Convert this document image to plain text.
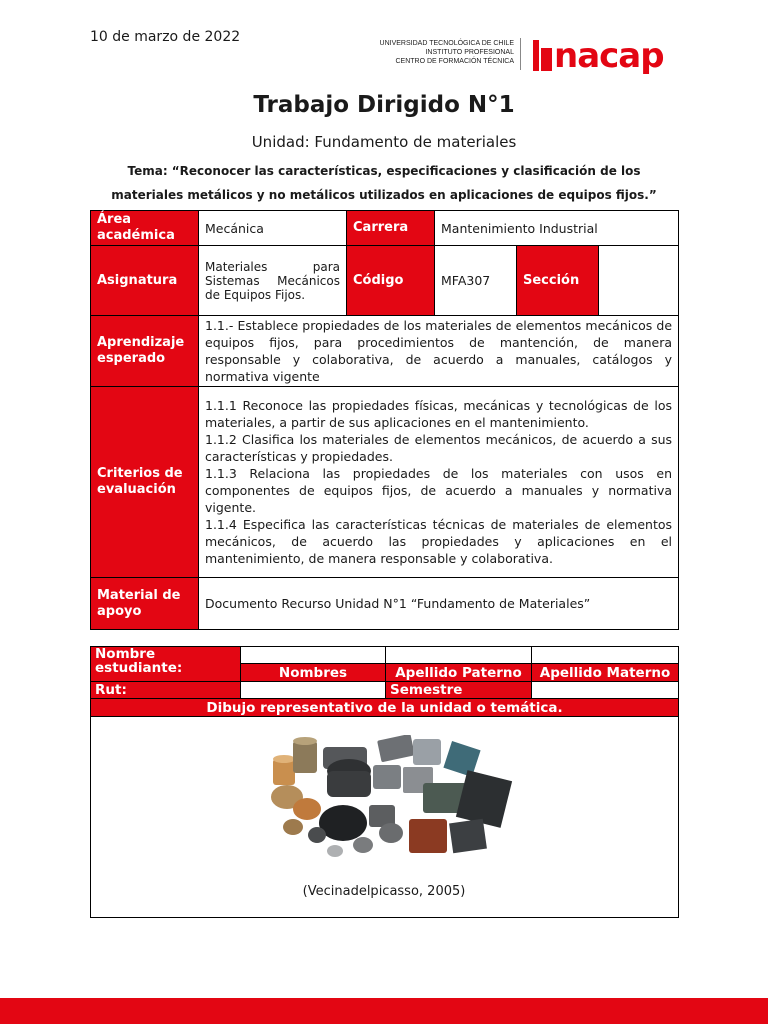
10 de marzo de 2022	UNIVERSIDAD TECNOLÓGICA DE CHILE
INSTITUTO PROFESIONAL
CENTRO DE FORMACIÓN TÉCNICA nacap
Trabajo Dirigido N°1
Unidad: Fundamento de materiales
Tema: “Reconocer las características, especificaciones y clasificación de los materiales metálicos y no metálicos utilizados en aplicaciones de equipos fijos.”
Área académica	Mecánica	Carrera	Mantenimiento Industrial		
Asignatura	Materiales para Sistemas Mecánicos de Equipos Fijos.	Código	MFA307	Sección	
Aprendizaje esperado	1.1.- Establece propiedades de los materiales de elementos mecánicos de equipos fijos, para procedimientos de mantención, de manera responsable y colaborativa, de acuerdo a manuales, catálogos y normativa vigente				
Criterios de evaluación	1.1.1 Reconoce las propiedades físicas, mecánicas y tecnológicas de los materiales, a partir de sus aplicaciones en el mantenimiento.
1.1.2 Clasifica los materiales de elementos mecánicos, de acuerdo a sus características y propiedades.
1.1.3 Relaciona las propiedades de los materiales con usos en componentes de equipos fijos, de acuerdo a manuales y normativa vigente.
1.1.4 Especifica las características técnicas de materiales de elementos mecánicos, de acuerdo las propiedades y aplicaciones en el mantenimiento, de manera responsable y colaborativa.				

Material de apoyo	Documento Recurso Unidad N°1 “Fundamento de Materiales”				
Nombre estudiante:			
	Nombres	Apellido Paterno	Apellido Materno
Rut:		Semestre	
Dibujo representativo de la unidad o temática.			

(Vecinadelpicasso, 2005)			
